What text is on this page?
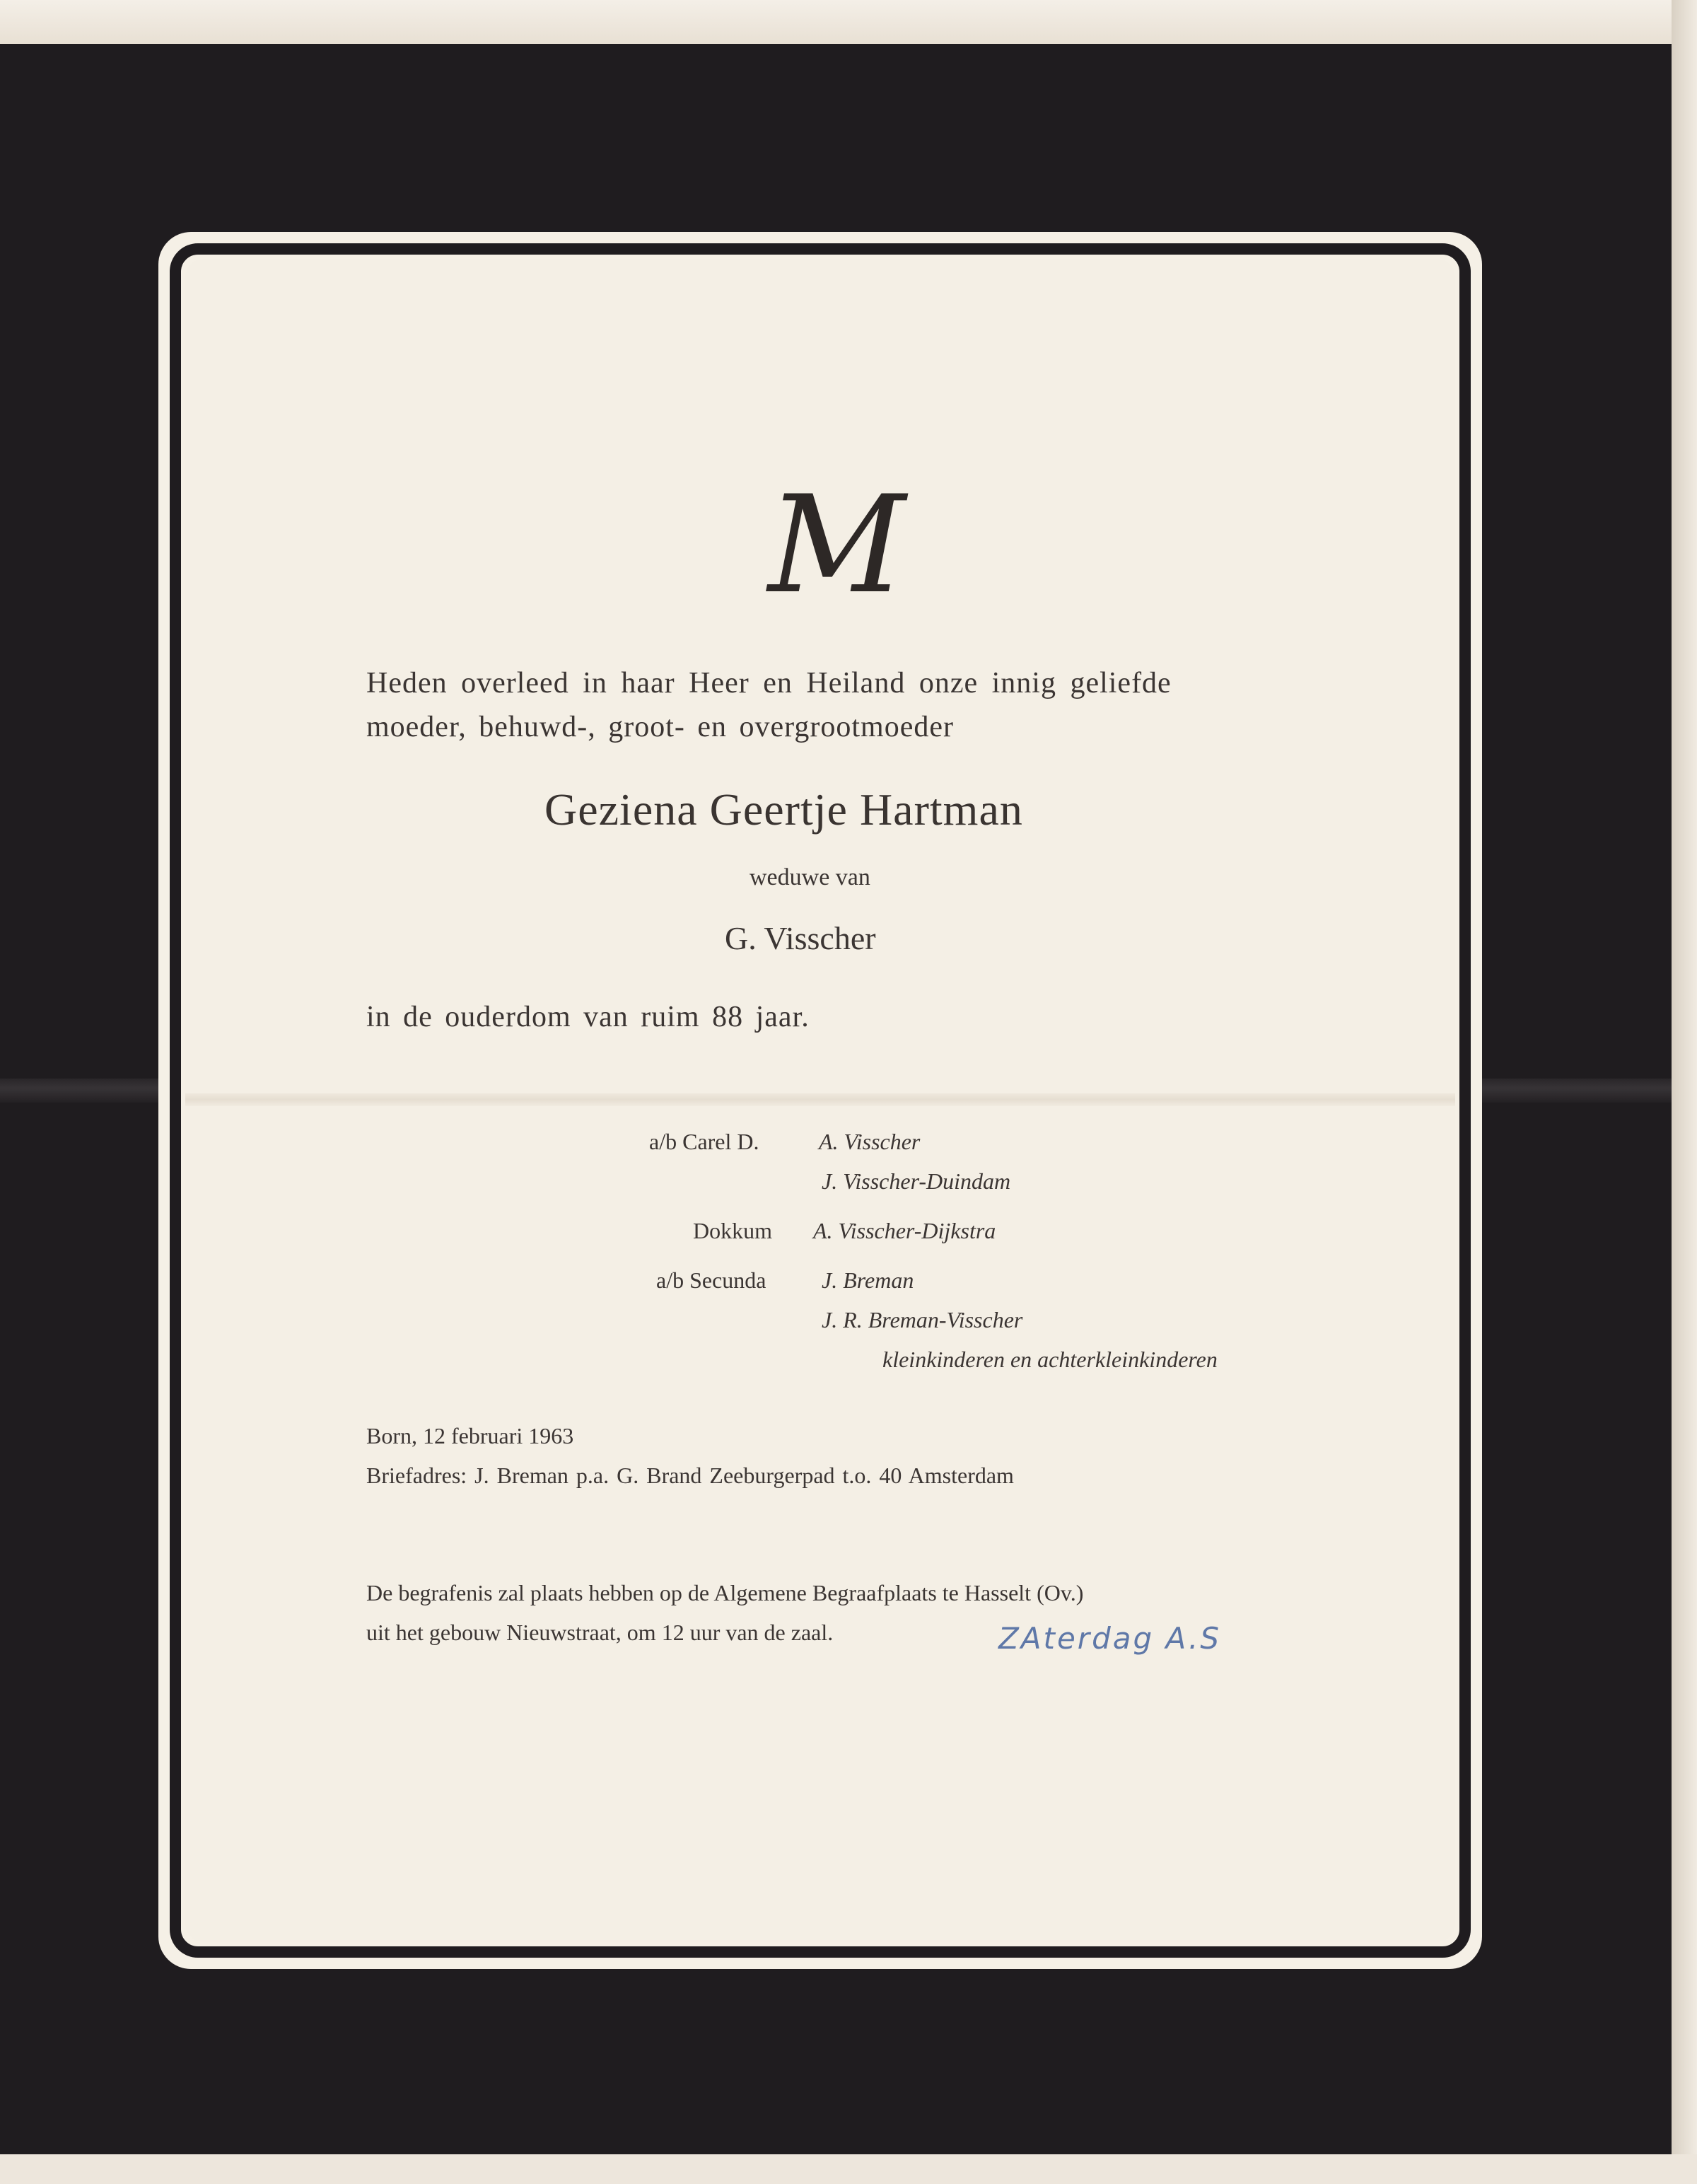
M
Heden overleed in haar Heer en Heiland onze innig geliefde
moeder, behuwd-, groot- en overgrootmoeder
Geziena Geertje Hartman
weduwe van
G. Visscher
in de ouderdom van ruim 88 jaar.
a/b Carel D.	A. Visscher
J. Visscher-Duindam
Dokkum A. Visscher-Dijkstra
a/b Secunda J. Breman
J. R. Breman-Visscher
kleinkinderen en achterkleinkinderen
Born, 12 februari 1963
Briefadres: J. Breman p.a. G. Brand Zeeburgerpad t.o. 40 Amsterdam
De begrafenis zal plaats hebben op de Algemene Begraafplaats te Hasselt (Ov.)
uit het gebouw Nieuwstraat, om 12 uur van de zaal.	ZAterdag A.S
